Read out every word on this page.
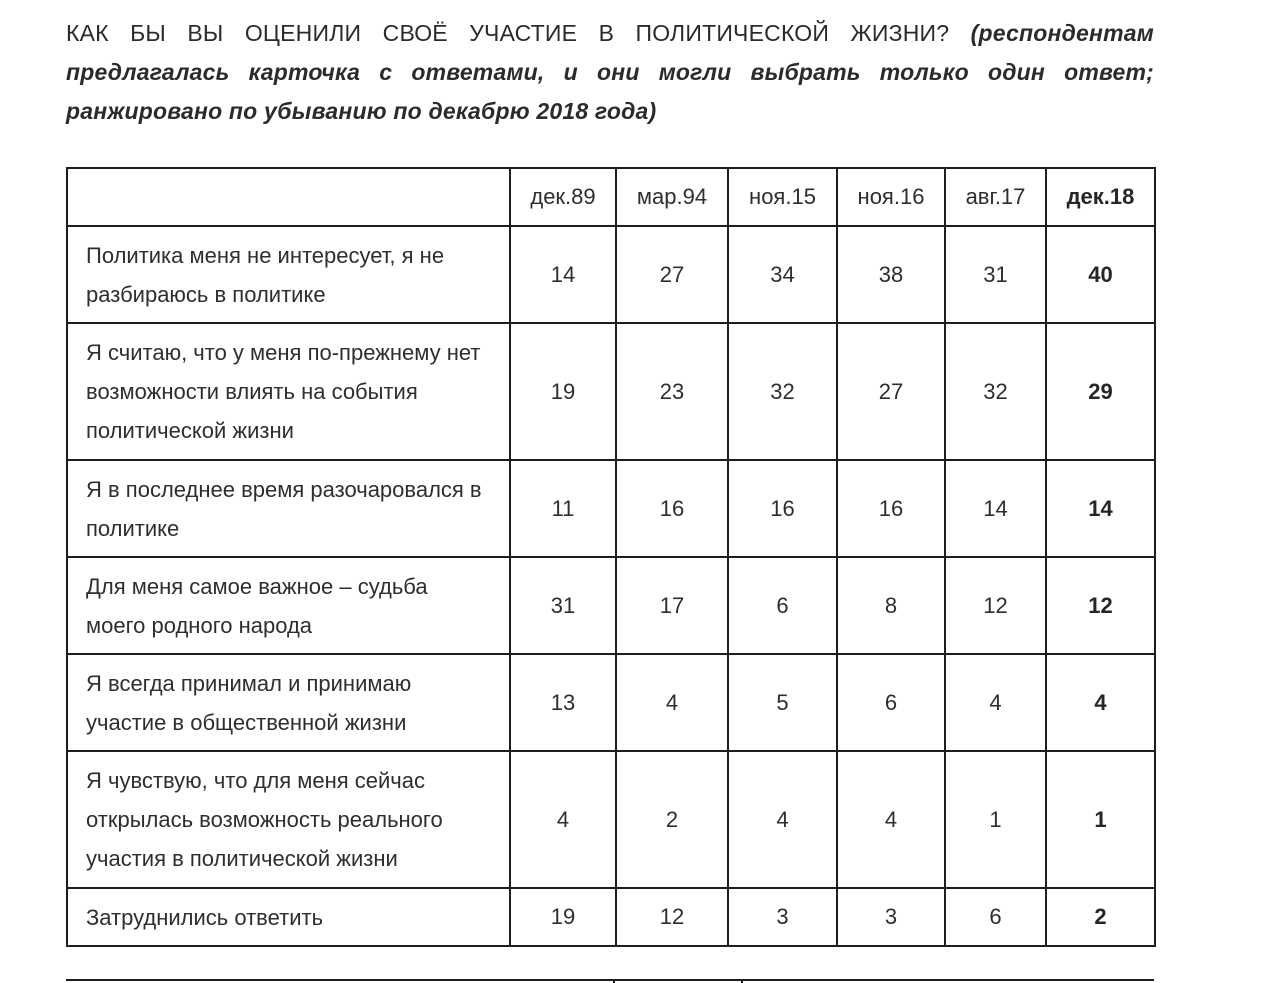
КАК БЫ ВЫ ОЦЕНИЛИ СВОЁ УЧАСТИЕ В ПОЛИТИЧЕСКОЙ ЖИЗНИ? (респондентам предлагалась карточка с ответами, и они могли выбрать только один ответ; ранжировано по убыванию по декабрю 2018 года)
	дек.89	мар.94	ноя.15	ноя.16	авг.17	дек.18
Политика меня не интересует, я не разбираюсь в политике	14	27	34	38	31	40
Я считаю, что у меня по-прежнему нет возможности влиять на события политической жизни	19	23	32	27	32	29
Я в последнее время разочаровался в политике	11	16	16	16	14	14
Для меня самое важное – судьба моего родного народа	31	17	6	8	12	12
Я всегда принимал и принимаю участие в общественной жизни	13	4	5	6	4	4
Я чувствую, что для меня сейчас открылась возможность реального участия в политической жизни	4	2	4	4	1	1
Затруднились ответить	19	12	3	3	6	2
